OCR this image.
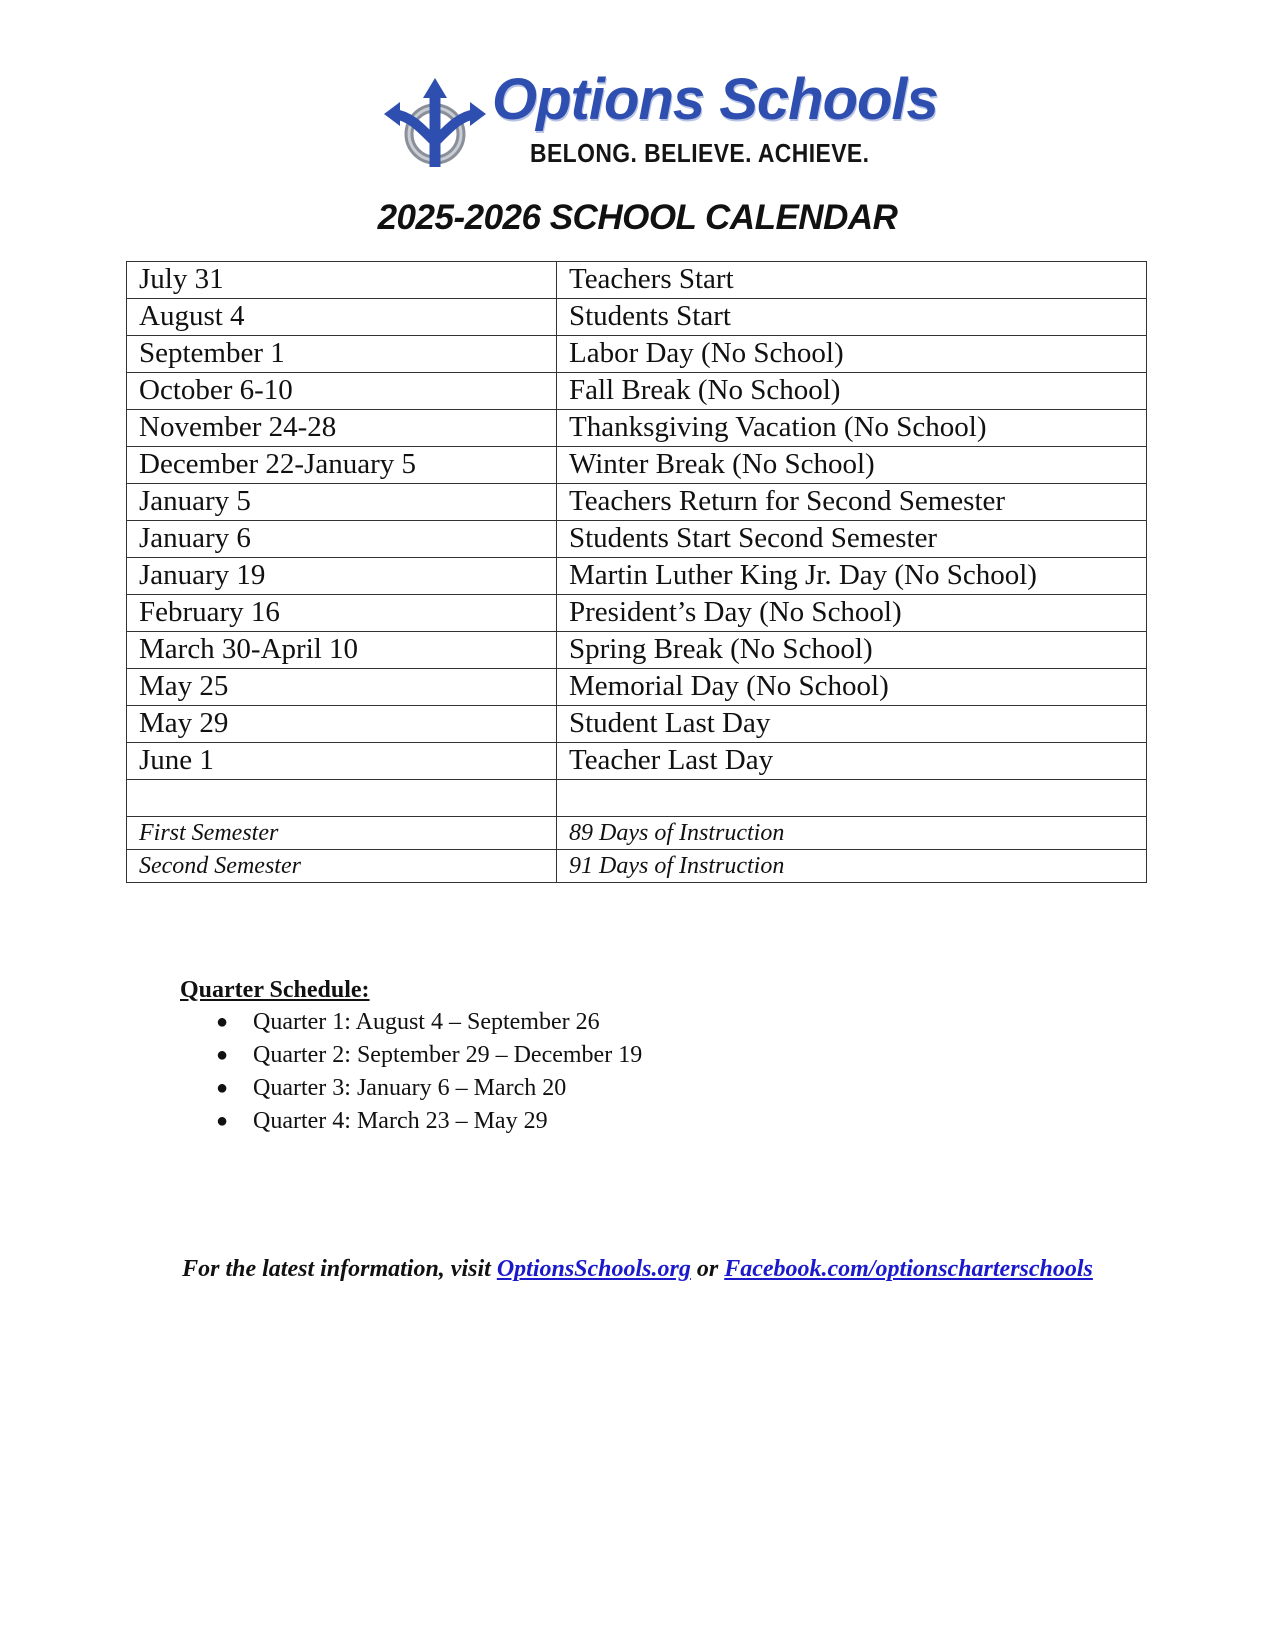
Options Schools
BELONG. BELIEVE. ACHIEVE.
2025-2026 SCHOOL CALENDAR
July 31	Teachers Start
August 4	Students Start
September 1	Labor Day (No School)
October 6-10	Fall Break (No School)
November 24-28	Thanksgiving Vacation (No School)
December 22-January 5	Winter Break (No School)
January 5	Teachers Return for Second Semester
January 6	Students Start Second Semester
January 19	Martin Luther King Jr. Day (No School)
February 16	President’s Day (No School)
March 30-April 10	Spring Break (No School)
May 25	Memorial Day (No School)
May 29	Student Last Day
June 1	Teacher Last Day

First Semester	89 Days of Instruction
Second Semester	91 Days of Instruction
Quarter Schedule:
● Quarter 1: August 4 – September 26
● Quarter 2: September 29 – December 19
● Quarter 3: January 6 – March 20
● Quarter 4: March 23 – May 29
For the latest information, visit OptionsSchools.org or Facebook.com/optionscharterschools
